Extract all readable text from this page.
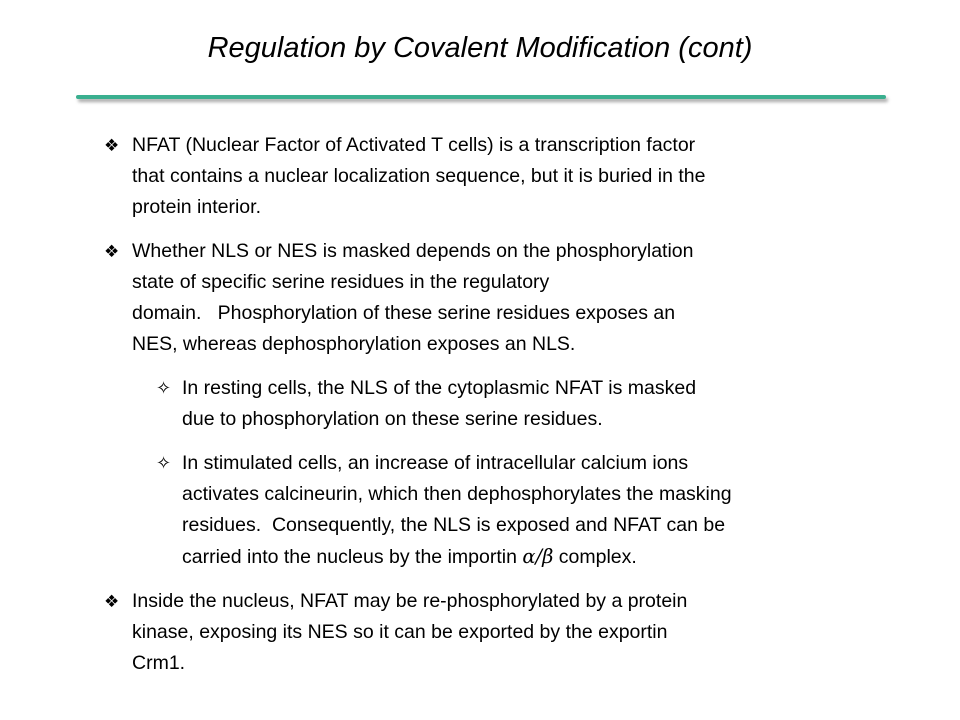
Regulation by Covalent Modification (cont)
❖ NFAT (Nuclear Factor of Activated T cells) is a transcription factor
that contains a nuclear localization sequence, but it is buried in the
protein interior.
❖ Whether NLS or NES is masked depends on the phosphorylation
state of specific serine residues in the regulatory
domain.   Phosphorylation of these serine residues exposes an
NES, whereas dephosphorylation exposes an NLS.
✧ In resting cells, the NLS of the cytoplasmic NFAT is masked
due to phosphorylation on these serine residues.
✧ In stimulated cells, an increase of intracellular calcium ions
activates calcineurin, which then dephosphorylates the masking
residues.  Consequently, the NLS is exposed and NFAT can be
carried into the nucleus by the importin α/β complex.
❖ Inside the nucleus, NFAT may be re-phosphorylated by a protein
kinase, exposing its NES so it can be exported by the exportin
Crm1.
